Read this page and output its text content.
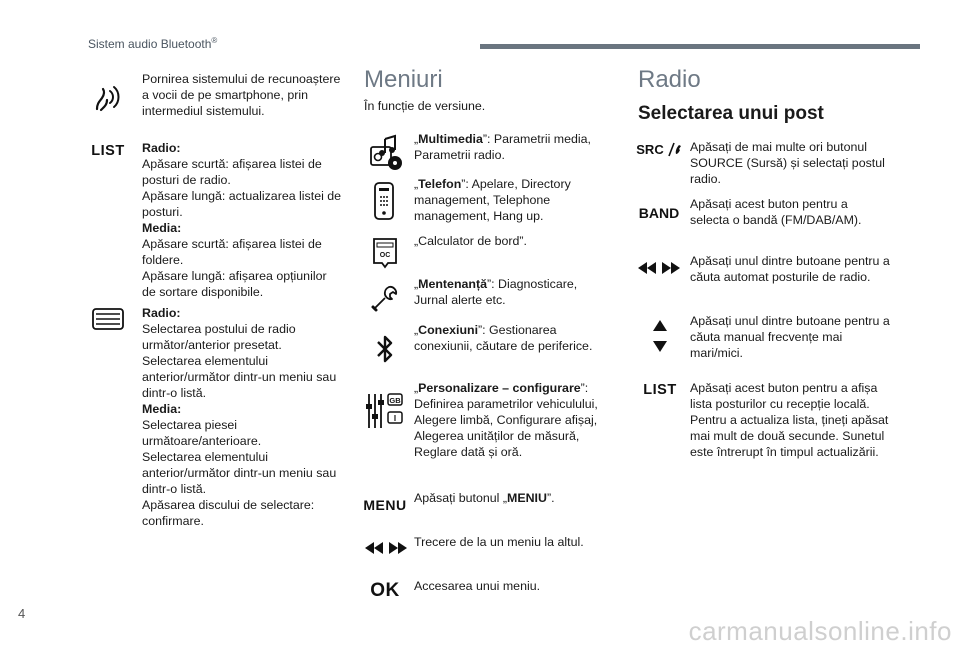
Sistem audio Bluetooth®
Pornirea sistemului de recunoaștere a vocii de pe smartphone, prin intermediul sistemului.
LIST Radio:

Apăsare scurtă: afișarea listei de posturi de radio.

Apăsare lungă: actualizarea listei de posturi.

Media:

Apăsare scurtă: afișarea listei de foldere.

Apăsare lungă: afișarea opțiunilor de sortare disponibile.

Radio:

Selectarea postului de radio următor/anterior presetat.

Selectarea elementului anterior/următor dintr-un meniu sau dintr-o listă.

Media:

Selectarea piesei următoare/anterioare.

Selectarea elementului anterior/următor dintr-un meniu sau dintr-o listă.

Apăsarea discului de selectare: confirmare.

Meniuri
În funcție de versiune.
„Multimedia”: Parametrii media, Parametrii radio.
„Telefon”: Apelare, Directory management, Telephone management, Hang up.
OC
„Calculator de bord”.
„Mentenanță”: Diagnosticare, Jurnal alerte etc.
„Conexiuni”: Gestionarea conexiunii, căutare de periferice.
GB
I
„Personalizare – configurare”: Definirea parametrilor vehiculului, Alegere limbă, Configurare afișaj, Alegerea unităților de măsură, Reglare dată și oră.
MENU Apăsați butonul „MENIU”.
Trecere de la un meniu la altul.
OK Accesarea unui meniu.
Radio
Selectarea unui post
SRC Apăsați de mai multe ori butonul SOURCE (Sursă) și selectați postul radio.
BAND
Apăsați acest buton pentru a selecta o bandă (FM/DAB/AM).
Apăsați unul dintre butoane pentru a căuta automat posturile de radio.
Apăsați unul dintre butoane pentru a căuta manual frecvențe mai mari/mici.
LIST	Apăsați acest buton pentru a afișa lista posturilor cu recepție locală. Pentru a actualiza lista, țineți apăsat mai mult de două secunde. Sunetul este întrerupt în timpul actualizării.
4
carmanualsonline.info
